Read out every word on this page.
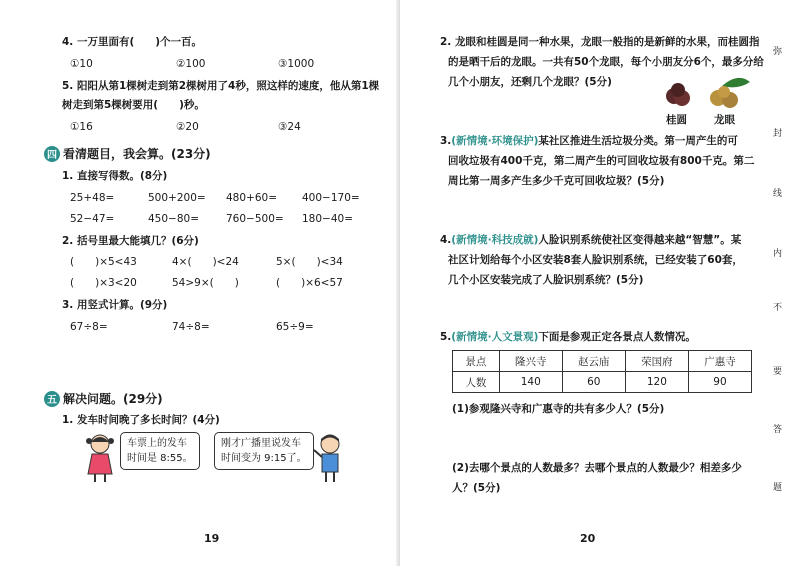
4. 一万里面有(　　)个一百。
①10	②100	③1000
5. 阳阳从第1棵树走到第2棵树用了4秒，照这样的速度，他从第1棵
树走到第5棵树要用(　　)秒。
①16	②20	③24
四 看清题目，我会算。(23分)
1. 直接写得数。(8分)
25+48=	500+200= 480+60= 400−170=
52−47=	450−80=	760−500= 180−40=
2. 括号里最大能填几？(6分)
(　　)×5<43	4×(　　)<24	5×(　　)<34
(　　)×3<20	54>9×(　　)	(　　)×6<57
3. 用竖式计算。(9分)
67÷8=	74÷8=	65÷9=
五 解决问题。(29分)
1. 发车时间晚了多长时间？(4分)
车票上的发车
时间是 8:55。
刚才广播里说发车
时间变为 9:15了。
19
2. 龙眼和桂圆是同一种水果，龙眼一般指的是新鲜的水果，而桂圆指
的是晒干后的龙眼。一共有50个龙眼，每个小朋友分6个，最多分给
几个小朋友，还剩几个龙眼？(5分)
桂圆	龙眼
3.(新情境·环境保护)某社区推进生活垃圾分类。第一周产生的可
回收垃圾有400千克，第二周产生的可回收垃圾有800千克。第二
周比第一周多产生多少千克可回收垃圾？(5分)
4.(新情境·科技成就)人脸识别系统使社区变得越来越“智慧”。某
社区计划给每个小区安装8套人脸识别系统，已经安装了60套，
几个小区安装完成了人脸识别系统？(5分)
5.(新情境·人文景观)下面是参观正定各景点人数情况。
景点	隆兴寺	赵云庙	荣国府	广惠寺
人数	140	60	120	90
(1)参观隆兴寺和广惠寺的共有多少人？(5分)
(2)去哪个景点的人数最多？去哪个景点的人数最少？相差多少
人？(5分)
20
弥
封
线
内
不
要
答
题
